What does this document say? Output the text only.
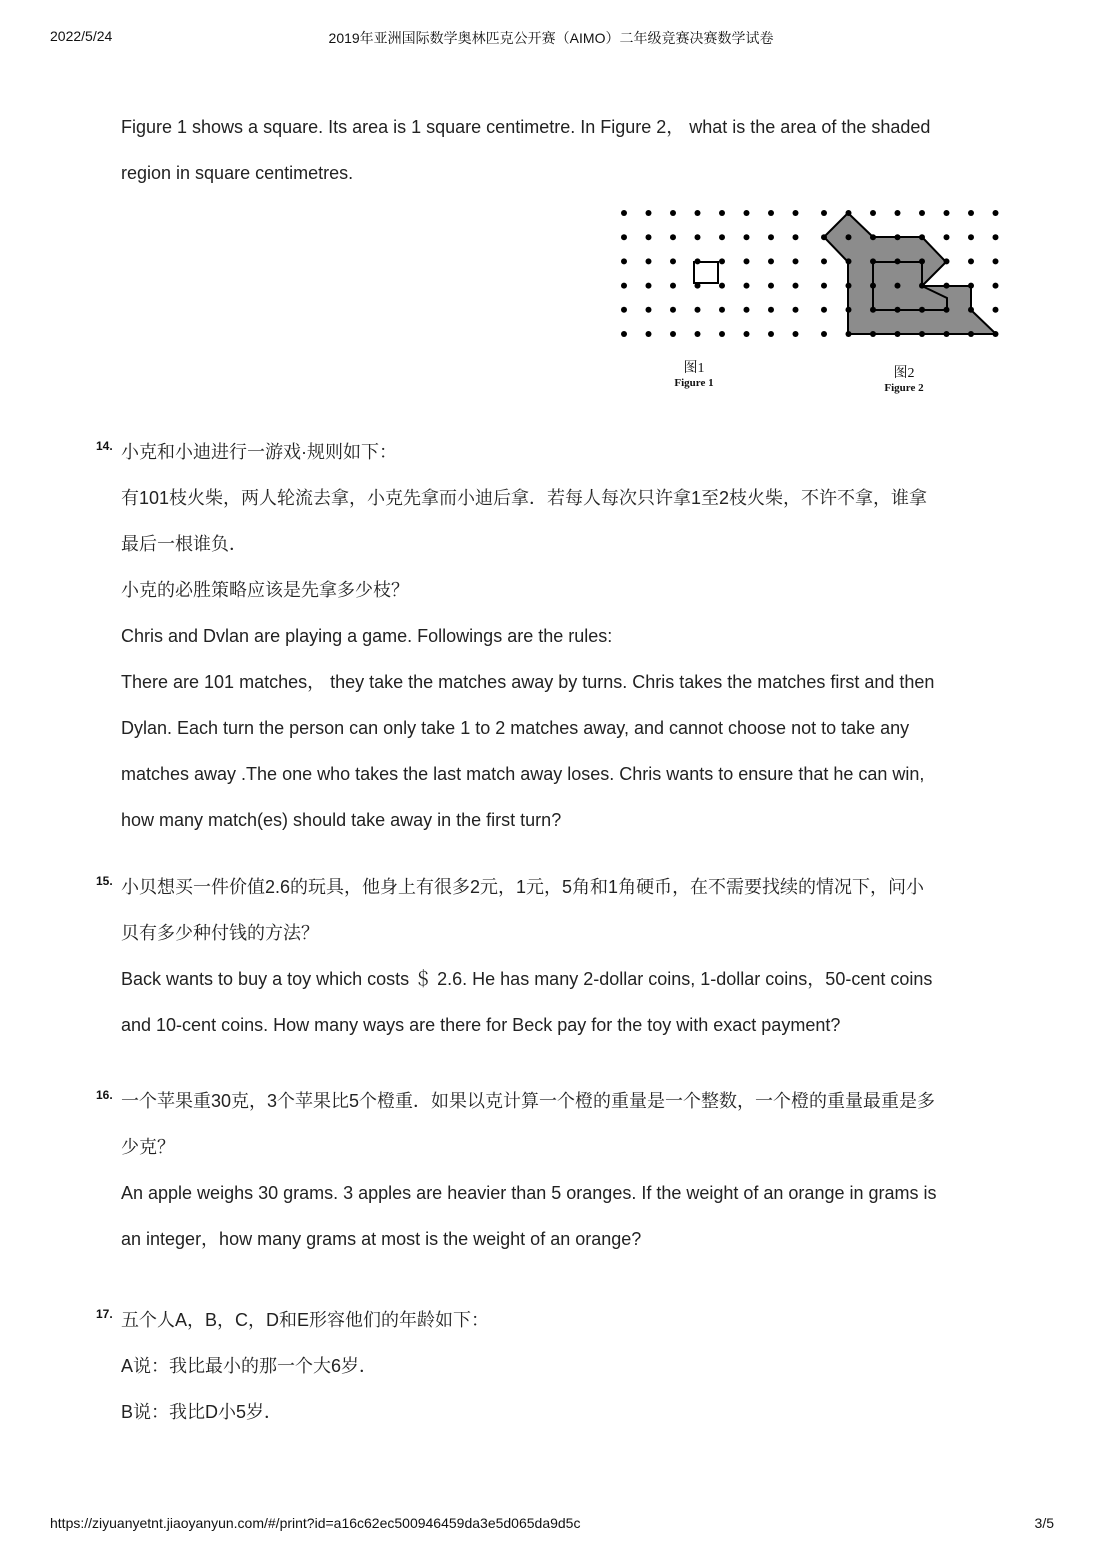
2022/5/24	2019年亚洲国际数学奥林匹克公开赛（AIMO）二年级竞赛决赛数学试卷
Figure 1 shows a square. Its area is 1 square centimetre. In Figure 2， what is the area of the shaded
region in square centimetres.
图1
Figure 1
图2
Figure 2
14. 小克和小迪进行一游戏·规则如下：
有101枝火柴，两人轮流去拿，小克先拿而小迪后拿．若每人每次只许拿1至2枝火柴，不许不拿，谁拿
最后一根谁负．
小克的必胜策略应该是先拿多少枝？
Chris and Dvlan are playing a game. Followings are the rules:
There are 101 matches， they take the matches away by turns. Chris takes the matches first and then
Dylan. Each turn the person can only take 1 to 2 matches away, and cannot choose not to take any
matches away .The one who takes the last match away loses. Chris wants to ensure that he can win,
how many match(es) should take away in the first turn?
15. 小贝想买一件价值2.6的玩具，他身上有很多2元，1元，5角和1角硬币，在不需要找续的情况下，问小
贝有多少种付钱的方法？
Back wants to buy a toy which costs ＄ 2.6. He has many 2-dollar coins, 1-dollar coins，50-cent coins
and 10-cent coins. How many ways are there for Beck pay for the toy with exact payment?
16. 一个苹果重30克，3个苹果比5个橙重．如果以克计算一个橙的重量是一个整数，一个橙的重量最重是多
少克？
An apple weighs 30 grams. 3 apples are heavier than 5 oranges. If the weight of an orange in grams is
an integer，how many grams at most is the weight of an orange?
17. 五个人A，B，C，D和E形容他们的年龄如下：
A说：我比最小的那一个大6岁．
B说：我比D小5岁．
https://ziyuanyetnt.jiaoyanyun.com/#/print?id=a16c62ec500946459da3e5d065da9d5c	3/5
